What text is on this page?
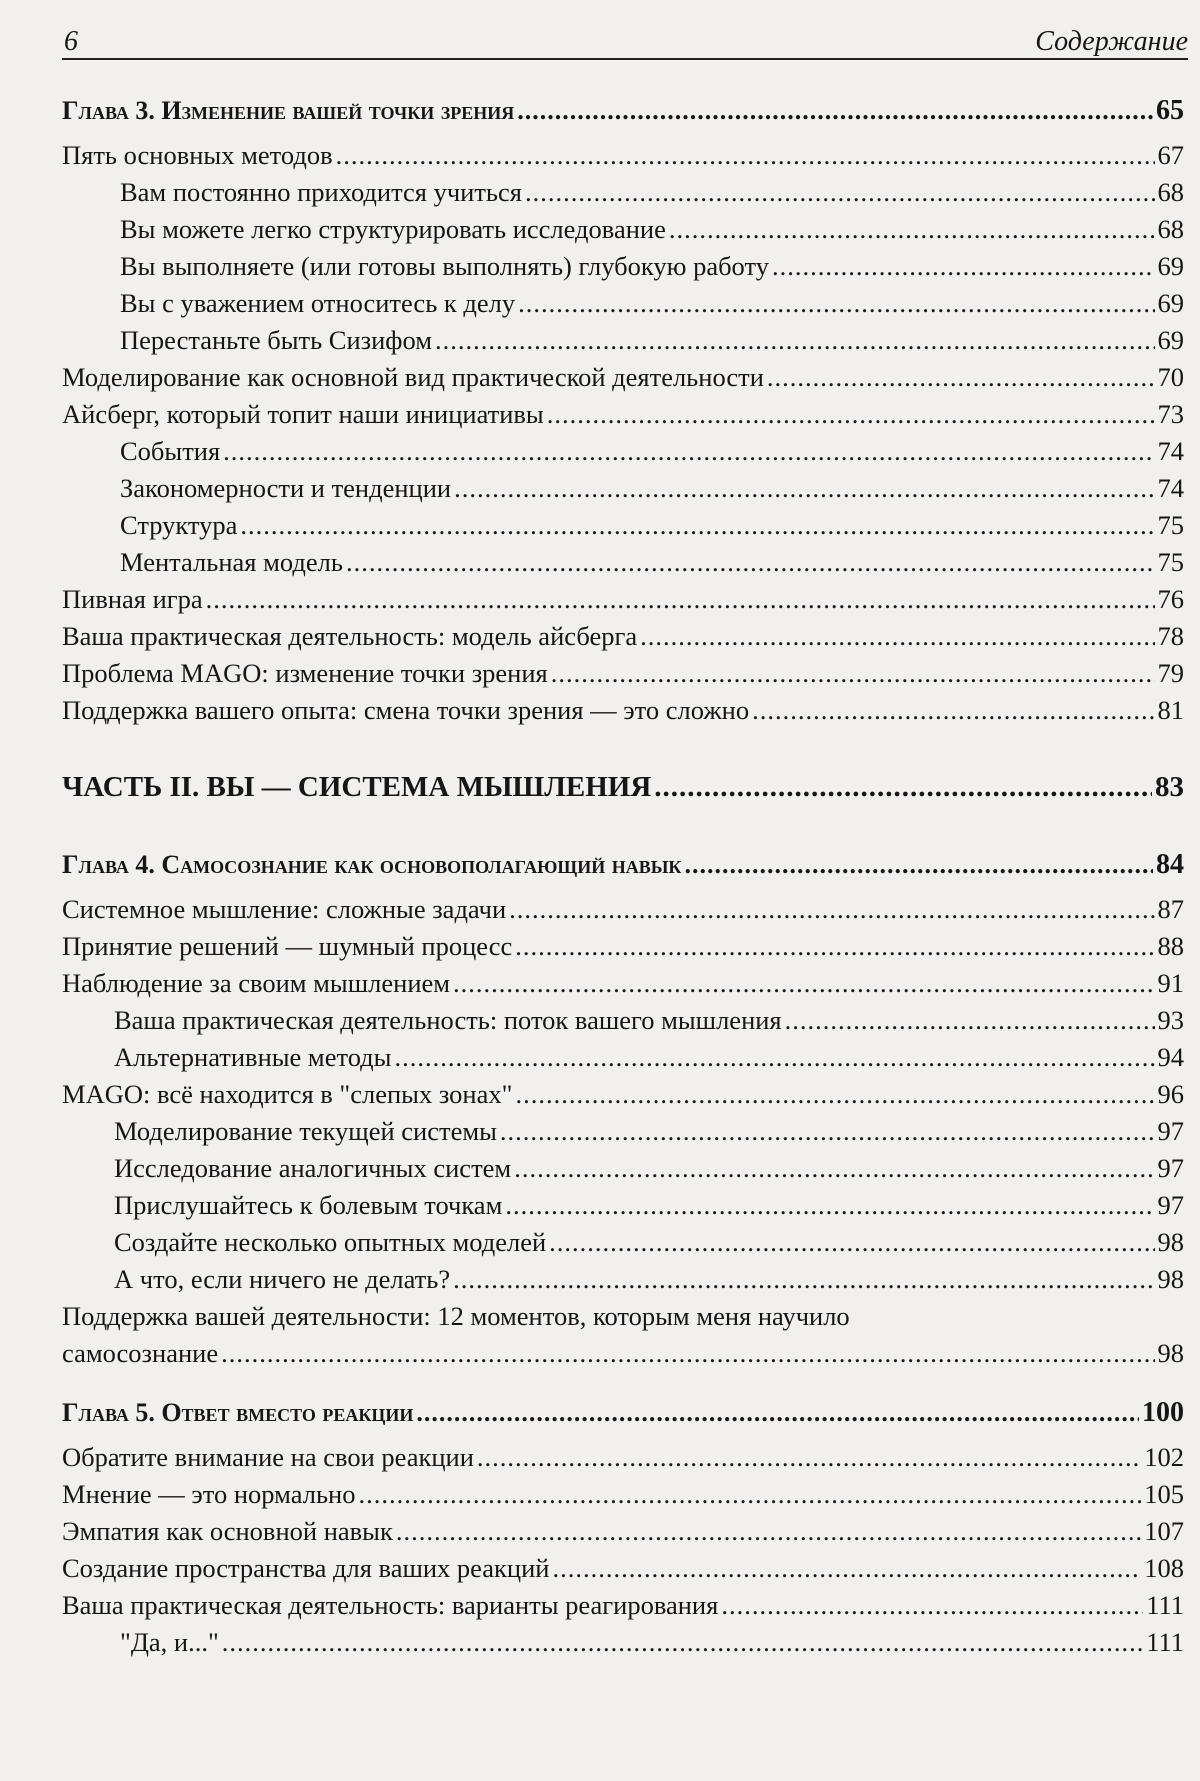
6	Содержание
Глава 3. Изменение вашей точки зрения .....	65
Пять основных методов .....	67
Вам постоянно приходится учиться .....	68
Вы можете легко структурировать исследование .....	68
Вы выполняете (или готовы выполнять) глубокую работу .....	69
Вы с уважением относитесь к делу .....	69
Перестаньте быть Сизифом .....	69
Моделирование как основной вид практической деятельности .....	70
Айсберг, который топит наши инициативы .....	73
События .....	74
Закономерности и тенденции .....	74
Структура .....	75
Ментальная модель .....	75
Пивная игра .....	76
Ваша практическая деятельность: модель айсберга .....	78
Проблема MAGO: изменение точки зрения .....	79
Поддержка вашего опыта: смена точки зрения — это сложно .....	81
ЧАСТЬ II. ВЫ — СИСТЕМА МЫШЛЕНИЯ .....	83
Глава 4. Самосознание как основополагающий навык .....	84
Системное мышление: сложные задачи .....	87
Принятие решений — шумный процесс .....	88
Наблюдение за своим мышлением .....	91
Ваша практическая деятельность: поток вашего мышления .....	93
Альтернативные методы .....	94
MAGO: всё находится в "слепых зонах" .....	96
Моделирование текущей системы .....	97
Исследование аналогичных систем .....	97
Прислушайтесь к болевым точкам .....	97
Создайте несколько опытных моделей .....	98
А что, если ничего не делать? .....	98
Поддержка вашей деятельности: 12 моментов, которым меня научило
самосознание .....	98
Глава 5. Ответ вместо реакции .....	100
Обратите внимание на свои реакции .....	102
Мнение — это нормально .....	105
Эмпатия как основной навык .....	107
Создание пространства для ваших реакций .....	108
Ваша практическая деятельность: варианты реагирования .....	111
"Да, и..." .....	111
